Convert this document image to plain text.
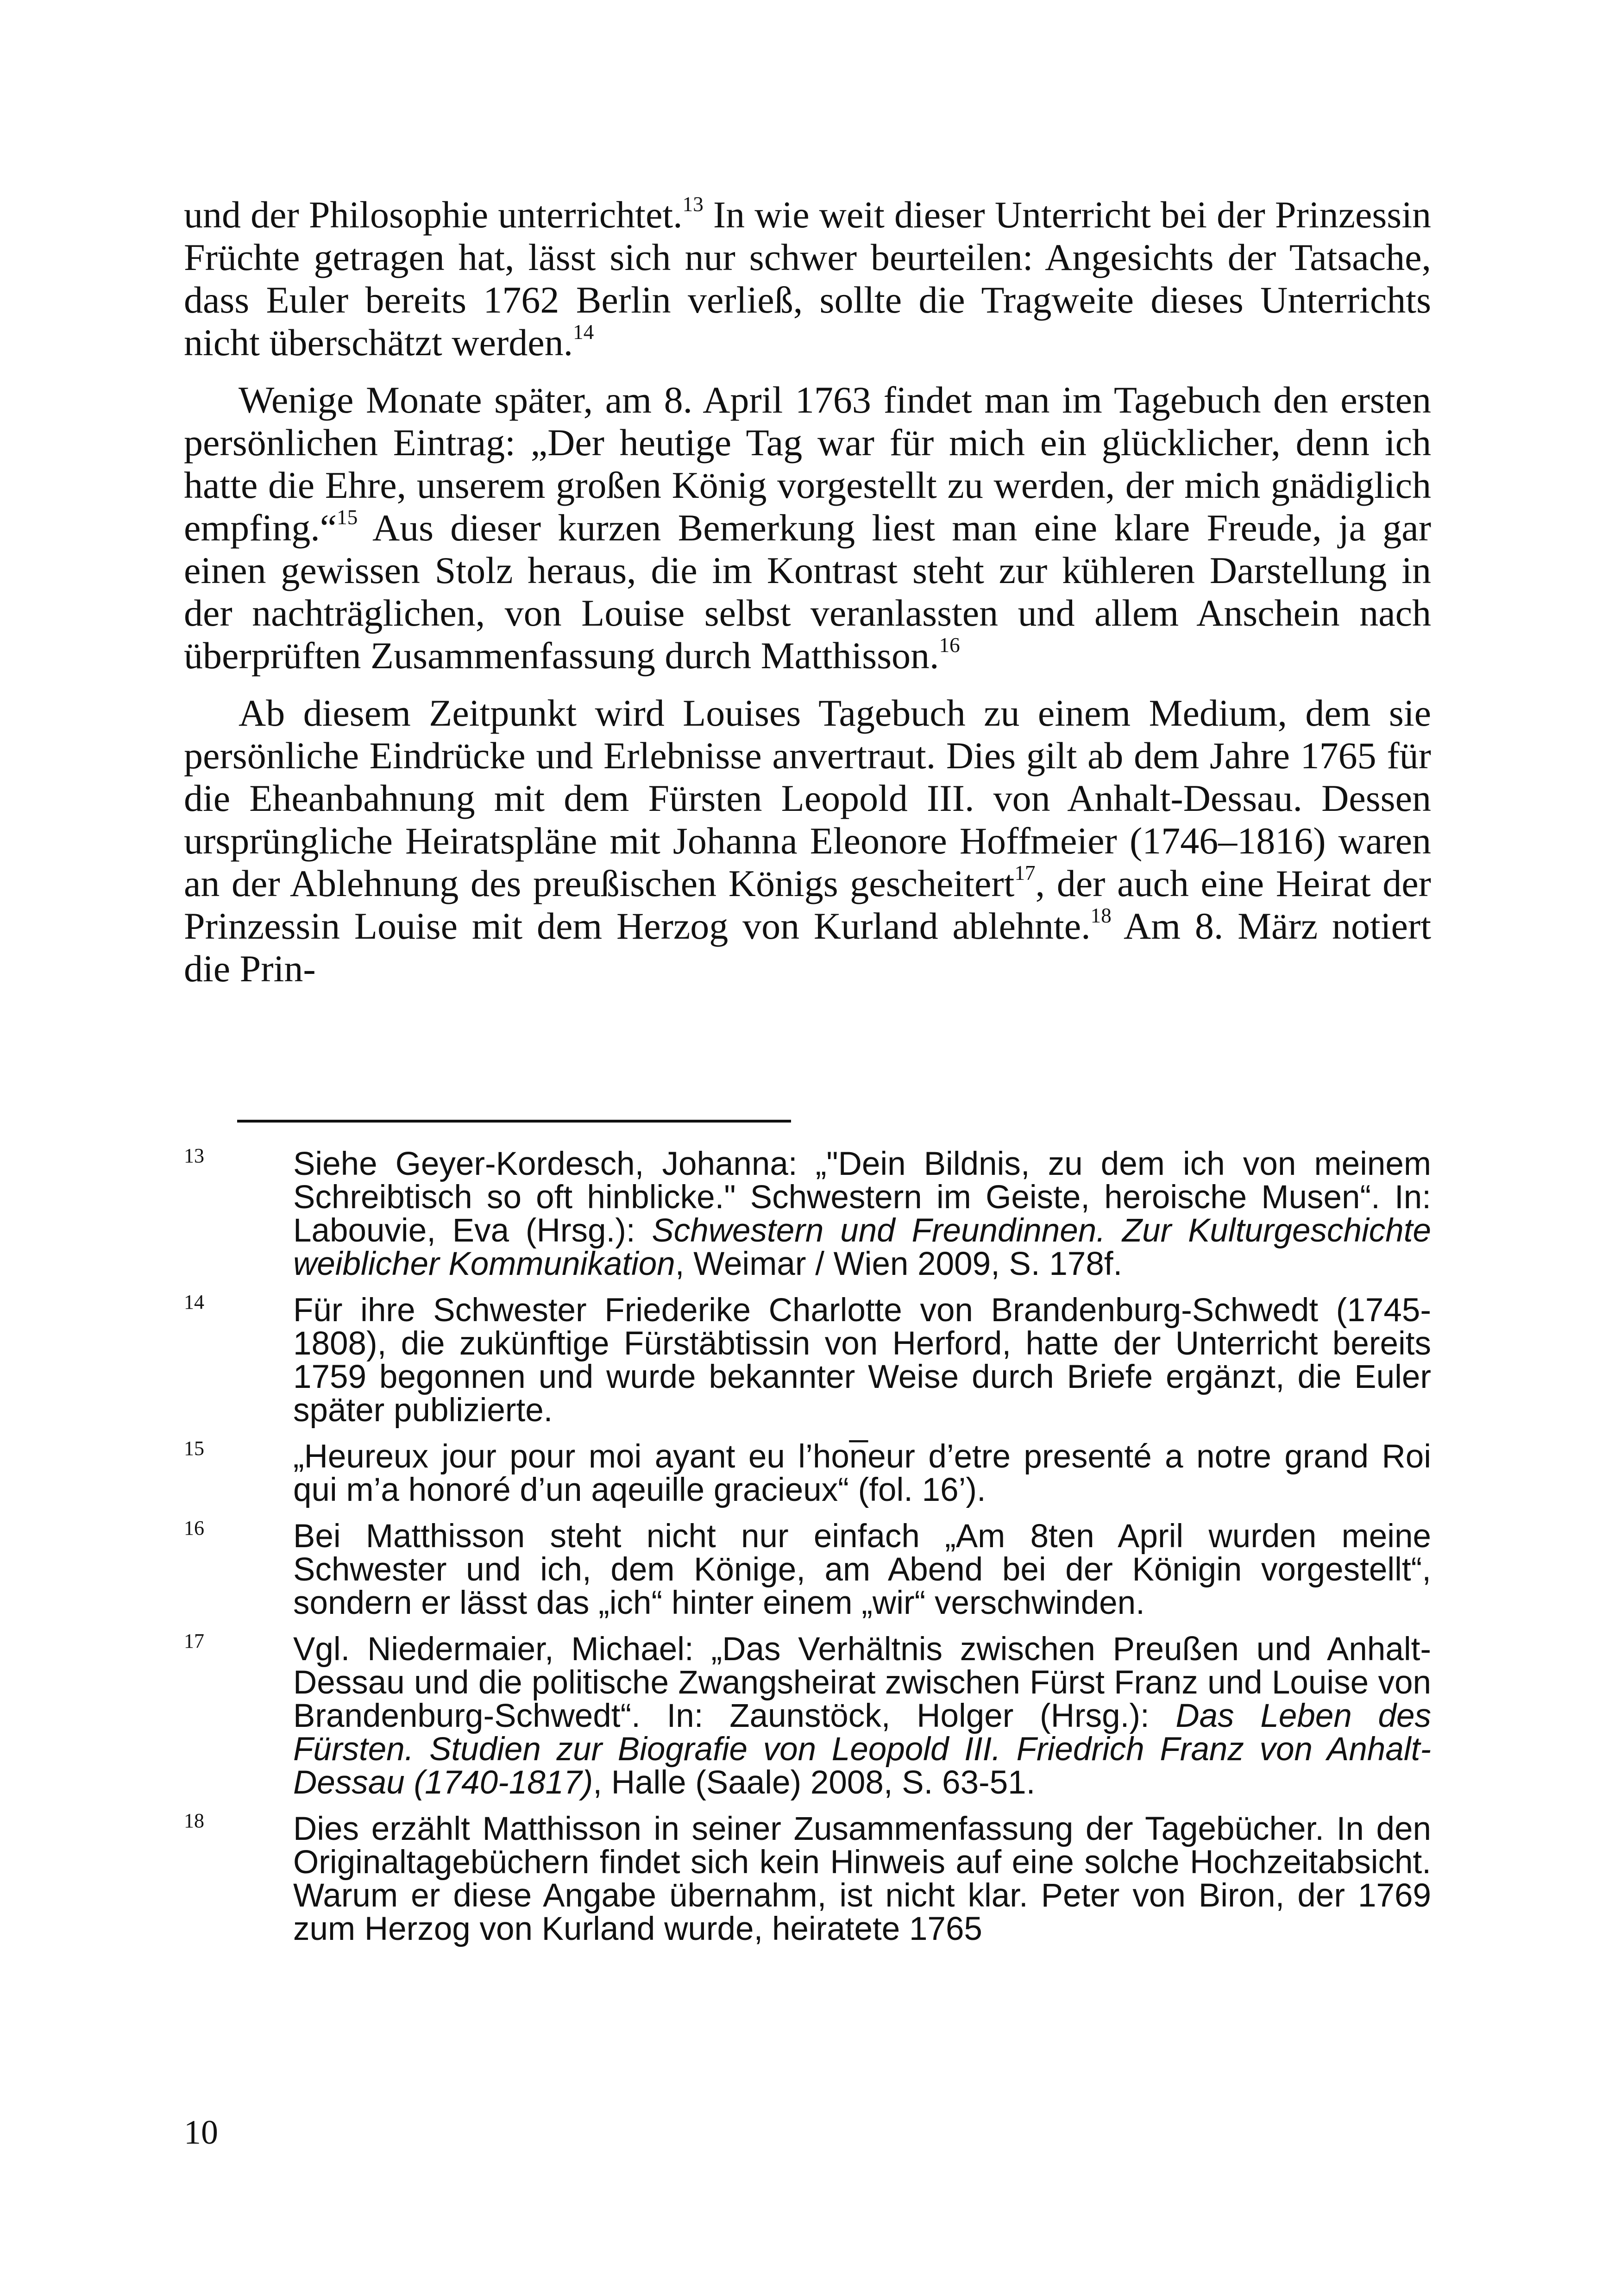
und der Philosophie unterrichtet.$^{13}$ In wie weit dieser Unterricht bei der Prinzessin Früchte getragen hat, lässt sich nur schwer beurteilen: Angesichts der Tatsache, dass Euler bereits 1762 Berlin verließ, sollte die Tragweite dieses Unterrichts nicht überschätzt werden.$^{14}$

Wenige Monate später, am 8. April 1763 findet man im Tagebuch den ersten persönlichen Eintrag: „Der heutige Tag war für mich ein glücklicher, denn ich hatte die Ehre, unserem großen König vorgestellt zu werden, der mich gnädiglich empfing.“$^{15}$ Aus dieser kurzen Bemerkung liest man eine klare Freude, ja gar einen gewissen Stolz heraus, die im Kontrast steht zur kühleren Darstellung in der nachträglichen, von Louise selbst veranlassten und allem Anschein nach überprüften Zusammenfassung durch Matthisson.$^{16}$

Ab diesem Zeitpunkt wird Louises Tagebuch zu einem Medium, dem sie persönliche Eindrücke und Erlebnisse anvertraut. Dies gilt ab dem Jahre 1765 für die Eheanbahnung mit dem Fürsten Leopold III. von Anhalt-Dessau. Dessen ursprüngliche Heiratspläne mit Johanna Eleonore Hoffmeier (1746–1816) waren an der Ablehnung des preußischen Königs gescheitert$^{17}$, der auch eine Heirat der Prinzessin Louise mit dem Herzog von Kurland ablehnte.$^{18}$ Am 8. März notiert die Prin-

13	Siehe Geyer-Kordesch, Johanna: „"Dein Bildnis, zu dem ich von meinem Schreibtisch so oft hinblicke." Schwestern im Geiste, heroische Musen“. In: Labouvie, Eva (Hrsg.): Schwestern und Freundinnen. Zur Kulturgeschichte weiblicher Kommunikation, Weimar / Wien 2009, S. 178f.
14	Für ihre Schwester Friederike Charlotte von Brandenburg-Schwedt (1745-1808), die zukünftige Fürstäbtissin von Herford, hatte der Unterricht bereits 1759 begonnen und wurde bekannter Weise durch Briefe ergänzt, die Euler später publizierte.
15	„Heureux jour pour moi ayant eu l’hon̅eur d’etre presenté a notre grand Roi qui m’a honoré d’un aqeuille gracieux“ (fol. 16’).
16	Bei Matthisson steht nicht nur einfach „Am 8ten April wurden meine Schwester und ich, dem Könige, am Abend bei der Königin vorgestellt“, sondern er lässt das „ich“ hinter einem „wir“ verschwinden.
17	Vgl. Niedermaier, Michael: „Das Verhältnis zwischen Preußen und Anhalt-Dessau und die politische Zwangsheirat zwischen Fürst Franz und Louise von Brandenburg-Schwedt“. In: Zaunstöck, Holger (Hrsg.): Das Leben des Fürsten. Studien zur Biografie von Leopold III. Friedrich Franz von Anhalt-Dessau (1740-1817), Halle (Saale) 2008, S. 63-51.
18	Dies erzählt Matthisson in seiner Zusammenfassung der Tagebücher. In den Originaltagebüchern findet sich kein Hinweis auf eine solche Hochzeitabsicht. Warum er diese Angabe übernahm, ist nicht klar. Peter von Biron, der 1769 zum Herzog von Kurland wurde, heiratete 1765
10
